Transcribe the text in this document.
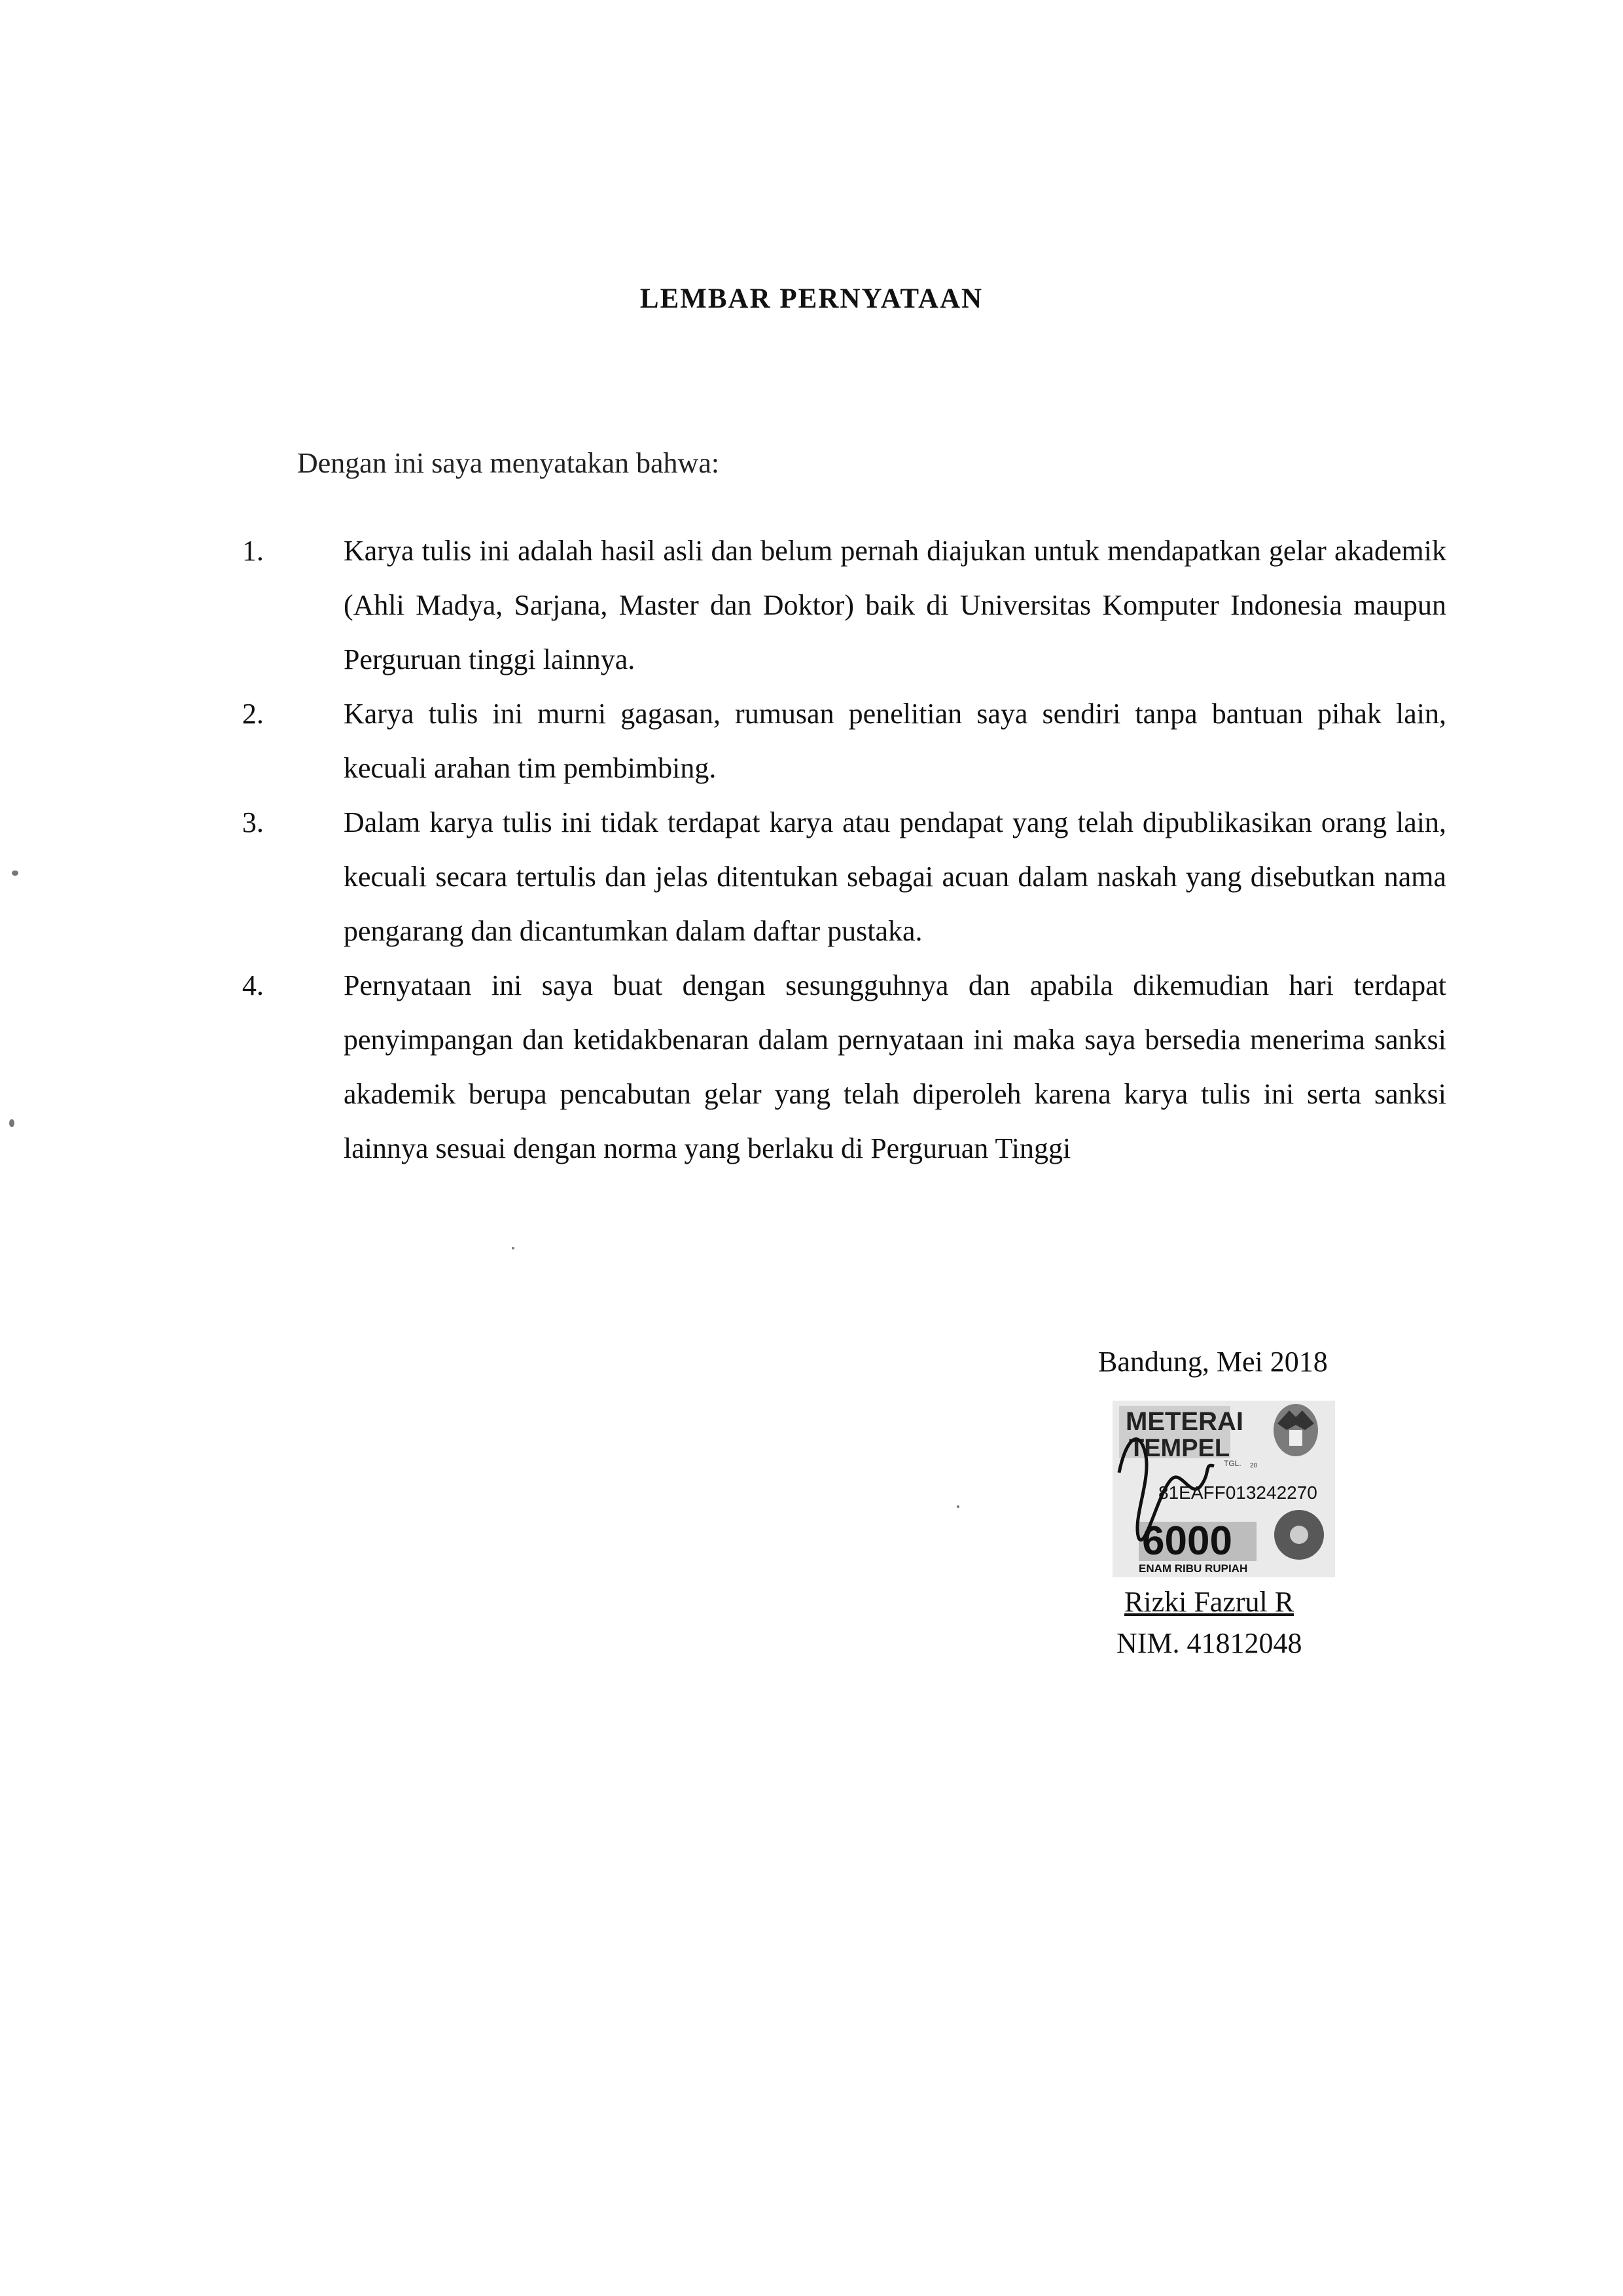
LEMBAR PERNYATAAN
Dengan ini saya menyatakan bahwa:
1.	Karya tulis ini adalah hasil asli dan belum pernah diajukan untuk mendapatkan gelar akademik (Ahli Madya, Sarjana, Master dan Doktor) baik di Universitas Komputer Indonesia maupun Perguruan tinggi lainnya.
2.	Karya tulis ini murni gagasan, rumusan penelitian saya sendiri tanpa bantuan pihak lain, kecuali arahan tim pembimbing.
3.	Dalam karya tulis ini tidak terdapat karya atau pendapat yang telah dipublikasikan orang lain, kecuali secara tertulis dan jelas ditentukan sebagai acuan dalam naskah yang disebutkan nama pengarang dan dicantumkan dalam daftar pustaka.
4.	Pernyataan ini saya buat dengan sesungguhnya dan apabila dikemudian hari terdapat penyimpangan dan ketidakbenaran dalam pernyataan ini maka saya bersedia menerima sanksi akademik berupa pencabutan gelar yang telah diperoleh karena karya tulis ini serta sanksi lainnya sesuai dengan norma yang berlaku di Perguruan Tinggi
Bandung, Mei 2018
METERAI
TEMPEL
TGL. 20
81EAFF013242270
6000
ENAM RIBU RUPIAH
Rizki Fazrul R
NIM. 41812048
